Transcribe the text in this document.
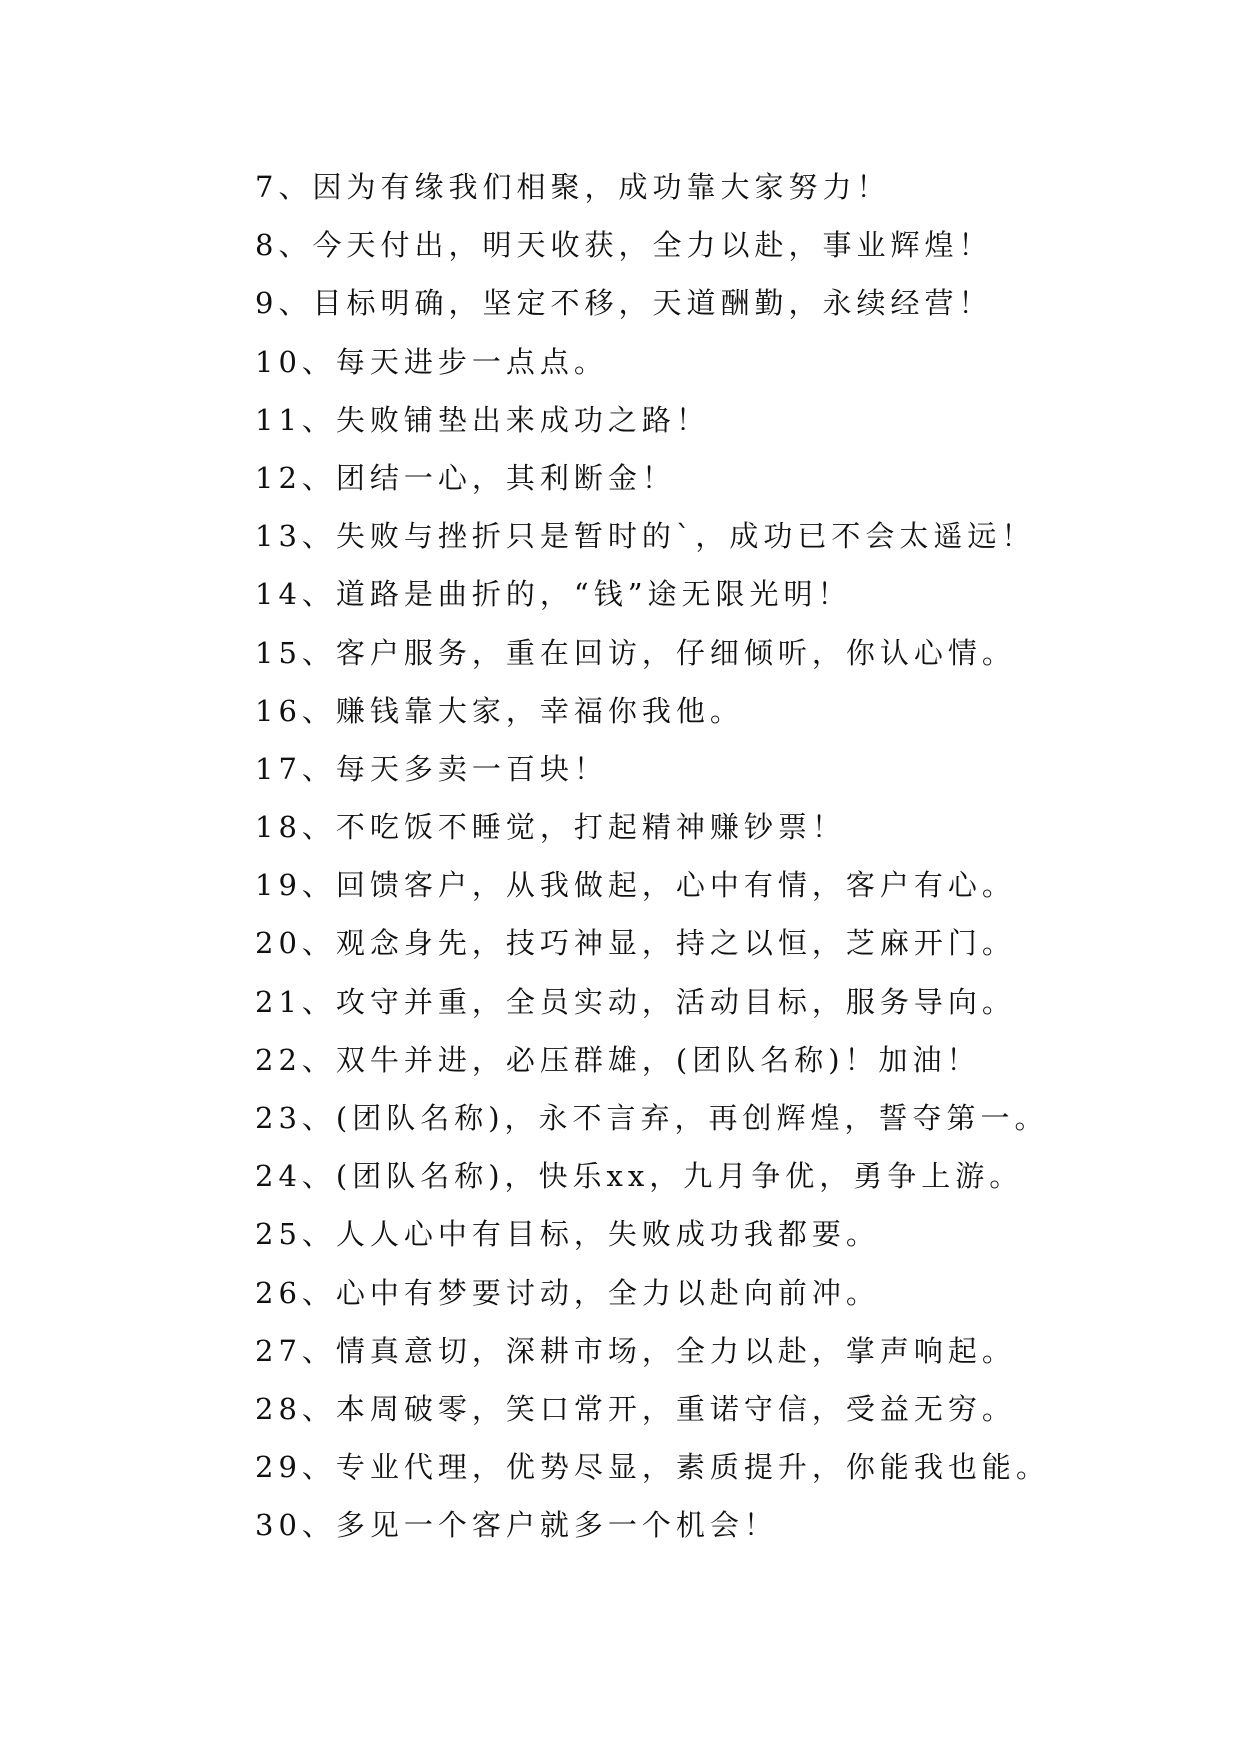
7、因为有缘我们相聚，成功靠大家努力！
8、今天付出，明天收获，全力以赴，事业辉煌！
9、目标明确，坚定不移，天道酬勤，永续经营！
10、每天进步一点点。
11、失败铺垫出来成功之路！
12、团结一心，其利断金！
13、失败与挫折只是暂时的`，成功已不会太遥远！
14、道路是曲折的，“钱”途无限光明！
15、客户服务，重在回访，仔细倾听，你认心情。
16、赚钱靠大家，幸福你我他。
17、每天多卖一百块！
18、不吃饭不睡觉，打起精神赚钞票！
19、回馈客户，从我做起，心中有情，客户有心。
20、观念身先，技巧神显，持之以恒，芝麻开门。
21、攻守并重，全员实动，活动目标，服务导向。
22、双牛并进，必压群雄，(团队名称)！加油！
23、(团队名称)，永不言弃，再创辉煌，誓夺第一。
24、(团队名称)，快乐xx，九月争优，勇争上游。
25、人人心中有目标，失败成功我都要。
26、心中有梦要讨动，全力以赴向前冲。
27、情真意切，深耕市场，全力以赴，掌声响起。
28、本周破零，笑口常开，重诺守信，受益无穷。
29、专业代理，优势尽显，素质提升，你能我也能。
30、多见一个客户就多一个机会！
